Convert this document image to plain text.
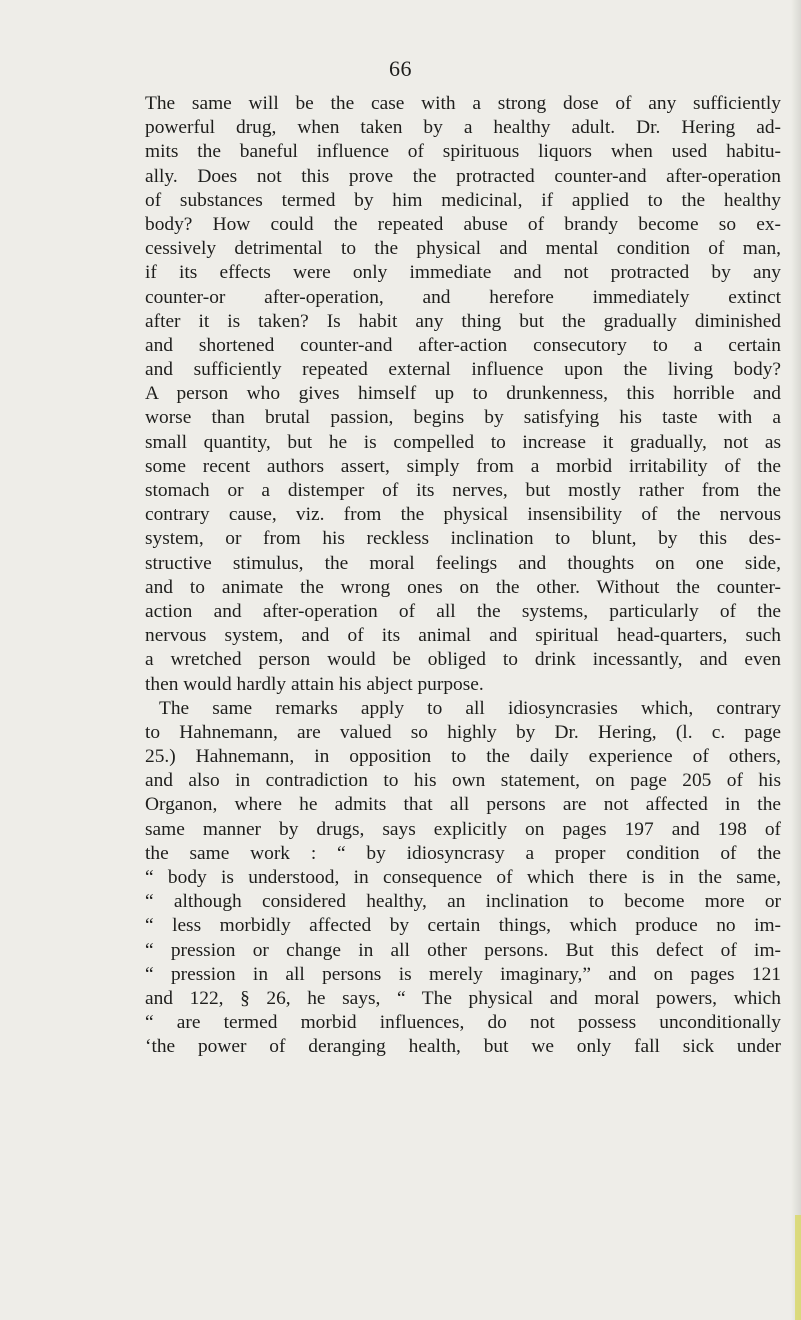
66
The same will be the case with a strong dose of any sufficiently
powerful drug, when taken by a healthy adult. Dr. Hering ad-
mits the baneful influence of spirituous liquors when used habitu-
ally. Does not this prove the protracted counter-and after-operation
of substances termed by him medicinal, if applied to the healthy
body? How could the repeated abuse of brandy become so ex-
cessively detrimental to the physical and mental condition of man,
if its effects were only immediate and not protracted by any
counter-or after-operation, and herefore immediately extinct
after it is taken? Is habit any thing but the gradually diminished
and shortened counter-and after-action consecutory to a certain
and sufficiently repeated external influence upon the living body?
A person who gives himself up to drunkenness, this horrible and
worse than brutal passion, begins by satisfying his taste with a
small quantity, but he is compelled to increase it gradually, not as
some recent authors assert, simply from a morbid irritability of the
stomach or a distemper of its nerves, but mostly rather from the
contrary cause, viz. from the physical insensibility of the nervous
system, or from his reckless inclination to blunt, by this des-
structive stimulus, the moral feelings and thoughts on one side,
and to animate the wrong ones on the other. Without the counter-
action and after-operation of all the systems, particularly of the
nervous system, and of its animal and spiritual head-quarters, such
a wretched person would be obliged to drink incessantly, and even
then would hardly attain his abject purpose.
The same remarks apply to all idiosyncrasies which, contrary
to Hahnemann, are valued so highly by Dr. Hering, (l. c. page
25.) Hahnemann, in opposition to the daily experience of others,
and also in contradiction to his own statement, on page 205 of his
Organon, where he admits that all persons are not affected in the
same manner by drugs, says explicitly on pages 197 and 198 of
the same work : “ by idiosyncrasy a proper condition of the
“ body is understood, in consequence of which there is in the same,
“ although considered healthy, an inclination to become more or
“ less morbidly affected by certain things, which produce no im-
“ pression or change in all other persons. But this defect of im-
“ pression in all persons is merely imaginary,” and on pages 121
and 122, § 26, he says, “ The physical and moral powers, which
“ are termed morbid influences, do not possess unconditionally
‘the power of deranging health, but we only fall sick under
